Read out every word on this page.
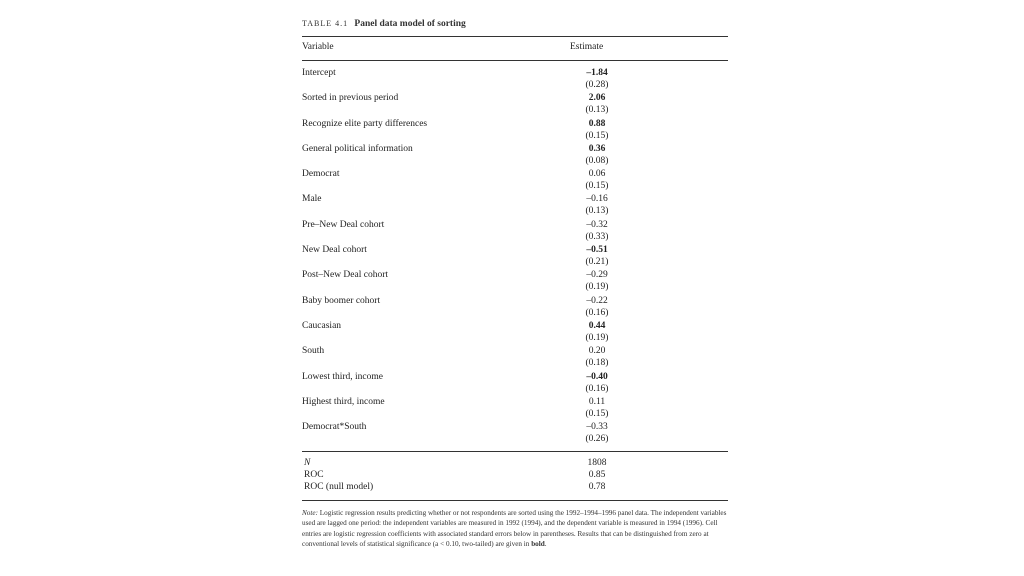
TABLE 4.1 Panel data model of sorting
Variable	Estimate
Intercept	–1.84
(0.28)
Sorted in previous period	2.06
(0.13)
Recognize elite party differences	0.88
(0.15)
General political information	0.36
(0.08)
Democrat	0.06
(0.15)
Male	–0.16
(0.13)
Pre–New Deal cohort	–0.32
(0.33)
New Deal cohort	–0.51
(0.21)
Post–New Deal cohort	–0.29
(0.19)
Baby boomer cohort	–0.22
(0.16)
Caucasian	0.44
(0.19)
South	0.20
(0.18)
Lowest third, income	–0.40
(0.16)
Highest third, income	0.11
(0.15)
Democrat*South	–0.33
(0.26)
N	1808
ROC	0.85
ROC (null model)	0.78
Note: Logistic regression results predicting whether or not respondents are sorted using the 1992–1994–1996 panel data. The independent variables used are lagged one period: the independent variables are measured in 1992 (1994), and the dependent variable is measured in 1994 (1996). Cell entries are logistic regression coefficients with associated standard errors below in parentheses. Results that can be distinguished from zero at conventional levels of statistical significance (a < 0.10, two-tailed) are given in bold.
